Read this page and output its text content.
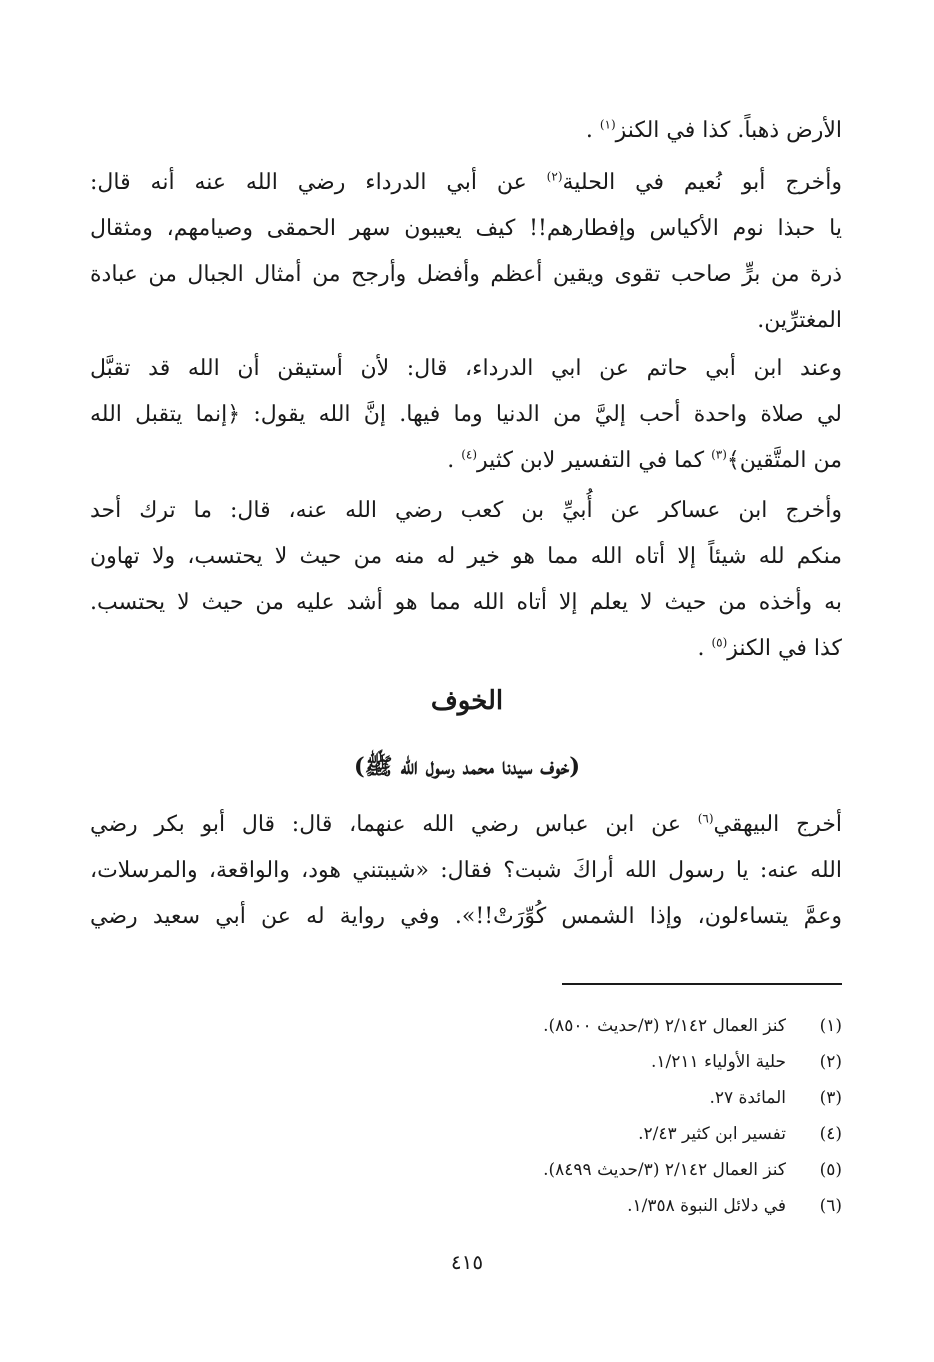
الأرض ذهباً. كذا في الكنز$^{(١)}$ .
وأخرج أبو نُعيم في الحلية$^{(٢)}$ عن أبي الدرداء رضي الله عنه أنه قال:
يا حبذا نوم الأكياس وإفطارهم!! كيف يعيبون سهر الحمقى وصيامهم، ومثقال
ذرة من برٍّ صاحب تقوى ويقين أعظم وأفضل وأرجح من أمثال الجبال من عبادة
المغترِّين.
وعند ابن أبي حاتم عن ابي الدرداء، قال: لأن أستيقن أن الله قد تقبَّل
لي صلاة واحدة أحب إليَّ من الدنيا وما فيها. إنَّ الله يقول: ﴿إنما يتقبل الله
من المتَّقين﴾$^{(٣)}$ كما في التفسير لابن كثير$^{(٤)}$ .
وأخرج ابن عساكر عن أُبيِّ بن كعب رضي الله عنه، قال: ما ترك أحد
منكم لله شيئاً إلا أتاه الله مما هو خير له منه من حيث لا يحتسب، ولا تهاون
به وأخذه من حيث لا يعلم إلا أتاه الله مما هو أشد عليه من حيث لا يحتسب.
كذا في الكنز$^{(٥)}$ .
الخوف
(خوف سيدنا محمد رسول الله ﷺ)
أخرج البيهقي$^{(٦)}$ عن ابن عباس رضي الله عنهما، قال: قال أبو بكر رضي
الله عنه: يا رسول الله أراكَ شبت؟ فقال: «شيبتني هود، والواقعة، والمرسلات،
وعمَّ يتساءلون، وإذا الشمس كُوِّرَتْ!!». وفي رواية له عن أبي سعيد رضي
(١)
كنز العمال ٢/١٤٢ (٣/حديث ٨٥٠٠).
(٢)
حلية الأولياء ١/٢١١.
(٣)
المائدة ٢٧.
(٤)
تفسير ابن كثير ٢/٤٣.
(٥)
كنز العمال ٢/١٤٢ (٣/حديث ٨٤٩٩).
(٦)
في دلائل النبوة ١/٣٥٨.
٤١٥
